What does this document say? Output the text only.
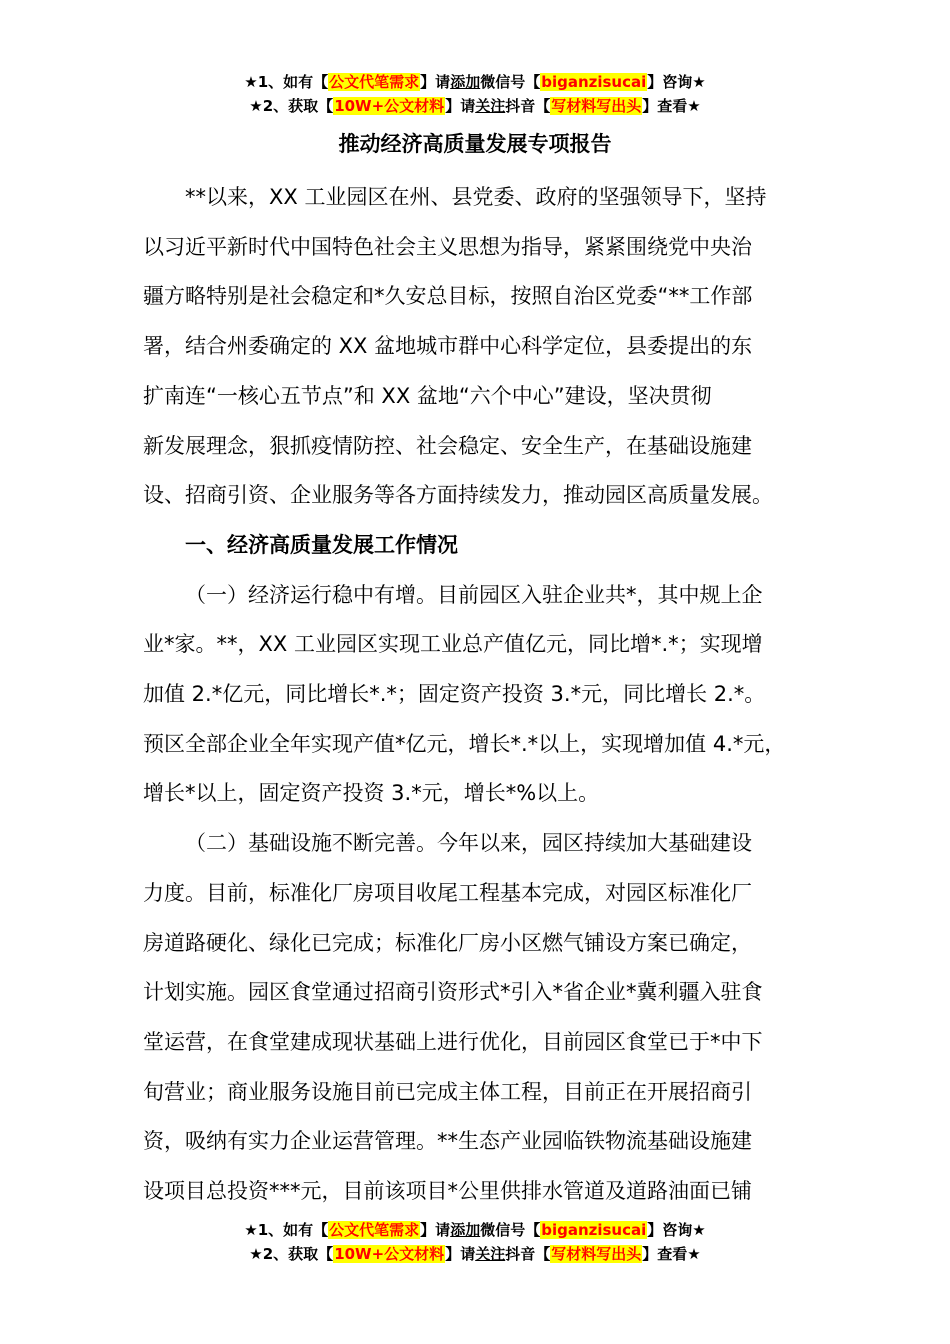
★1、如有【公文代笔需求】请添加微信号【biganzisucai】咨询★
★2、获取【10W+公文材料】请关注抖音【写材料写出头】查看★
推动经济高质量发展专项报告

**以来，XX 工业园区在州、县党委、政府的坚强领导下，坚持

以习近平新时代中国特色社会主义思想为指导，紧紧围绕党中央治

疆方略特别是社会稳定和*久安总目标，按照自治区党委“**工作部

署，结合州委确定的 XX 盆地城市群中心科学定位，县委提出的东

扩南连“一核心五节点”和 XX 盆地“六个中心”建设，坚决贯彻

新发展理念，狠抓疫情防控、社会稳定、安全生产，在基础设施建

设、招商引资、企业服务等各方面持续发力，推动园区高质量发展。

一、经济高质量发展工作情况

（一）经济运行稳中有增。目前园区入驻企业共*，其中规上企

业*家。**，XX 工业园区实现工业总产值亿元，同比增*.*；实现增

加值 2.*亿元，同比增长*.*；固定资产投资 3.*元，同比增长 2.*。

预区全部企业全年实现产值*亿元，增长*.*以上，实现增加值 4.*元，

增长*以上，固定资产投资 3.*元，增长*%以上。

（二）基础设施不断完善。今年以来，园区持续加大基础建设

力度。目前，标准化厂房项目收尾工程基本完成，对园区标准化厂

房道路硬化、绿化已完成；标准化厂房小区燃气铺设方案已确定，

计划实施。园区食堂通过招商引资形式*引入*省企业*冀利疆入驻食

堂运营，在食堂建成现状基础上进行优化，目前园区食堂已于*中下

旬营业；商业服务设施目前已完成主体工程，目前正在开展招商引

资，吸纳有实力企业运营管理。**生态产业园临铁物流基础设施建

设项目总投资***元，目前该项目*公里供排水管道及道路油面已铺

★1、如有【公文代笔需求】请添加微信号【biganzisucai】咨询★
★2、获取【10W+公文材料】请关注抖音【写材料写出头】查看★
